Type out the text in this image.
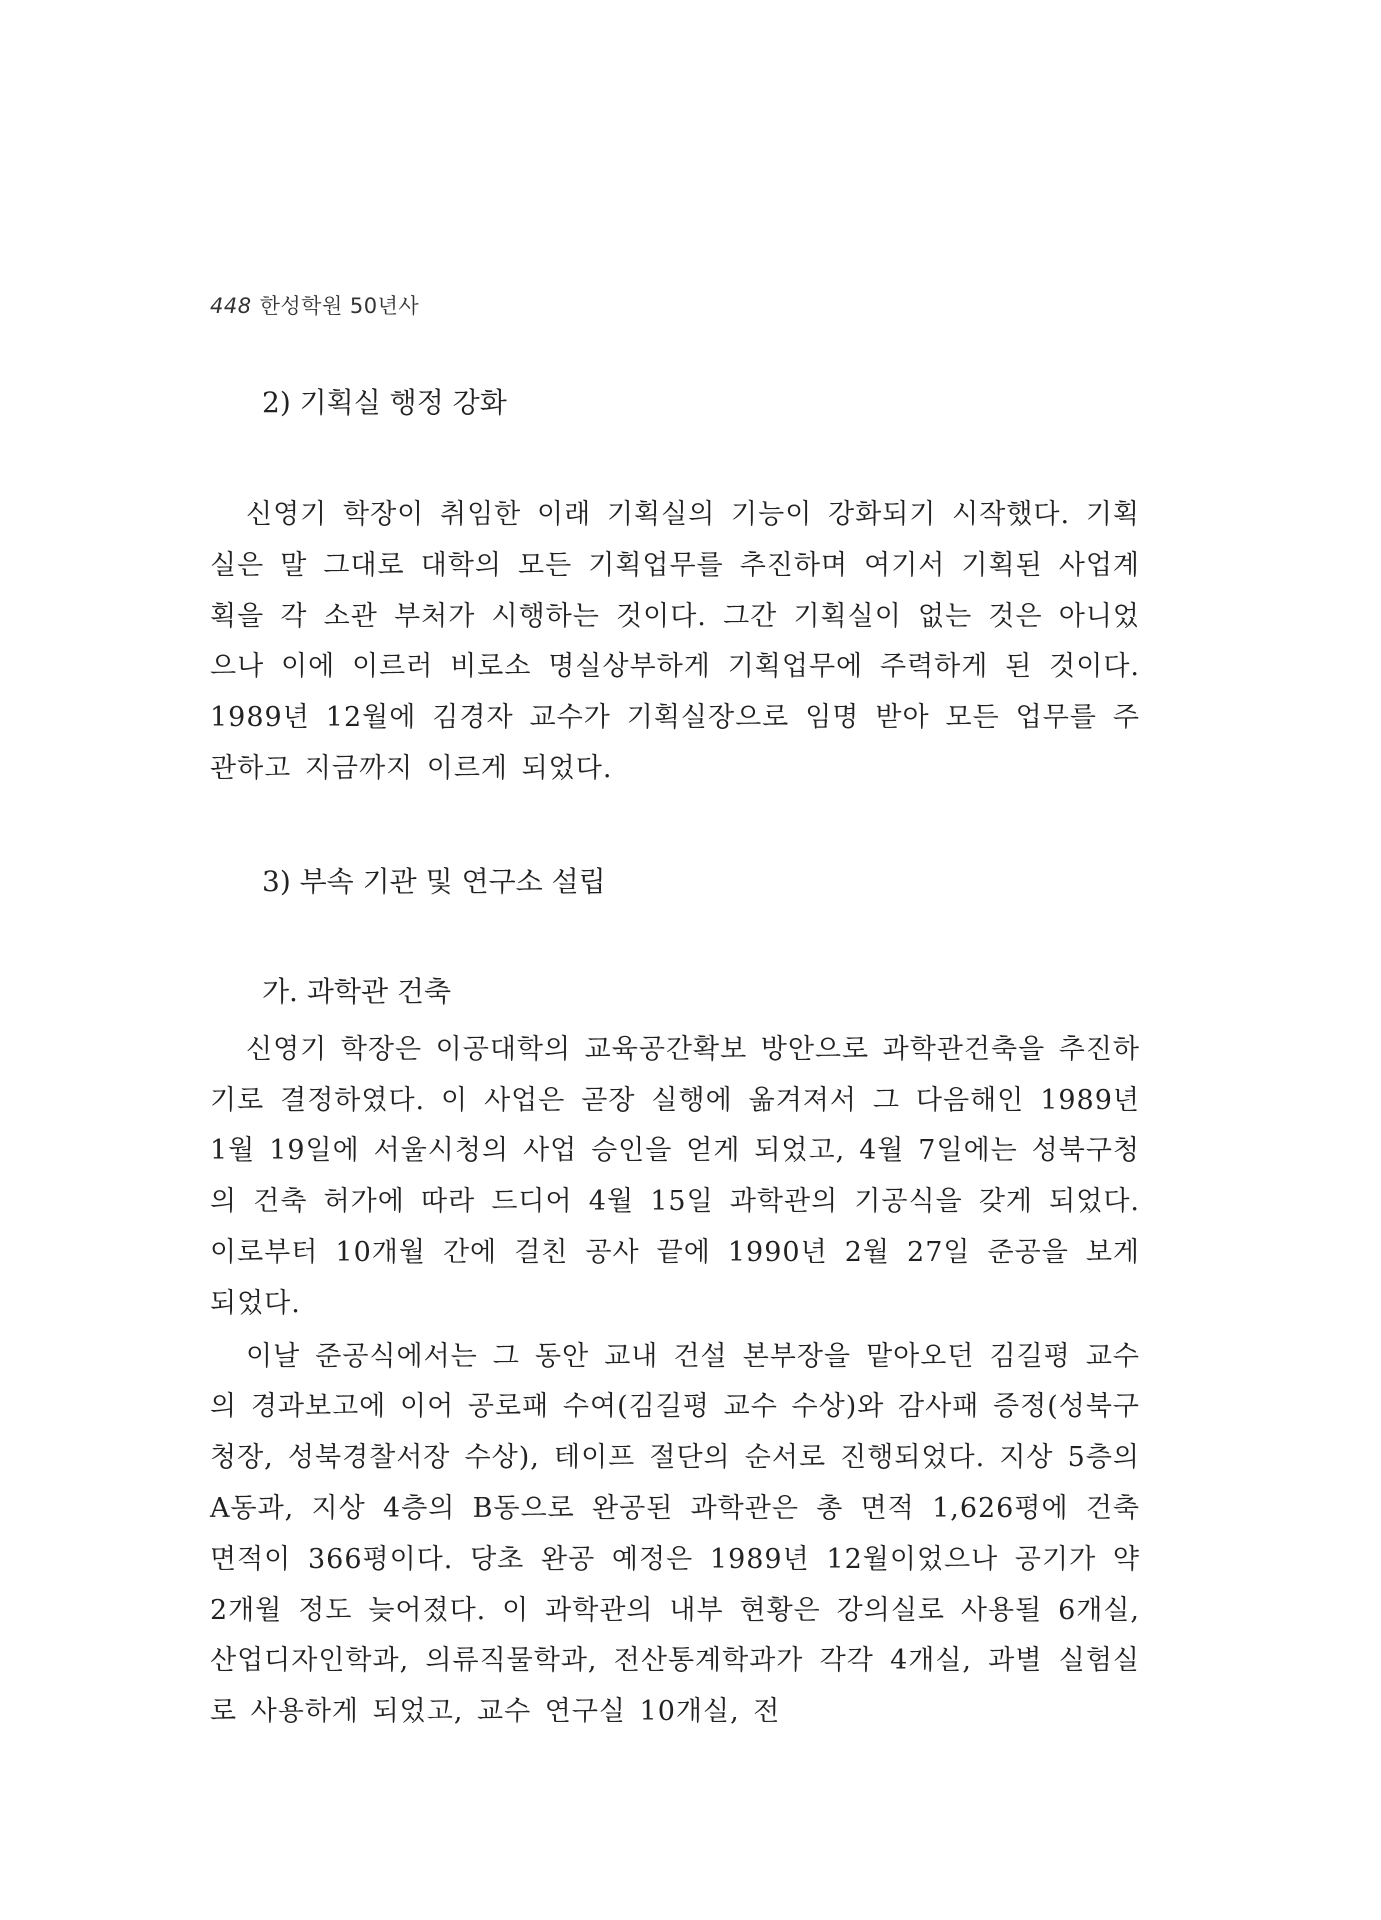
448 한성학원 50년사
2) 기획실 행정 강화

신영기 학장이 취임한 이래 기획실의 기능이 강화되기 시작했다. 기획실은 말 그대로 대학의 모든 기획업무를 추진하며 여기서 기획된 사업계획을 각 소관 부처가 시행하는 것이다. 그간 기획실이 없는 것은 아니었으나 이에 이르러 비로소 명실상부하게 기획업무에 주력하게 된 것이다. 1989년 12월에 김경자 교수가 기획실장으로 임명 받아 모든 업무를 주관하고 지금까지 이르게 되었다.

3) 부속 기관 및 연구소 설립
가. 과학관 건축

신영기 학장은 이공대학의 교육공간확보 방안으로 과학관건축을 추진하기로 결정하였다. 이 사업은 곧장 실행에 옮겨져서 그 다음해인 1989년 1월 19일에 서울시청의 사업 승인을 얻게 되었고, 4월 7일에는 성북구청의 건축 허가에 따라 드디어 4월 15일 과학관의 기공식을 갖게 되었다. 이로부터 10개월 간에 걸친 공사 끝에 1990년 2월 27일 준공을 보게 되었다.

이날 준공식에서는 그 동안 교내 건설 본부장을 맡아오던 김길평 교수의 경과보고에 이어 공로패 수여(김길평 교수 수상)와 감사패 증정(성북구청장, 성북경찰서장 수상), 테이프 절단의 순서로 진행되었다. 지상 5층의 A동과, 지상 4층의 B동으로 완공된 과학관은 총 면적 1,626평에 건축 면적이 366평이다. 당초 완공 예정은 1989년 12월이었으나 공기가 약 2개월 정도 늦어졌다. 이 과학관의 내부 현황은 강의실로 사용될 6개실, 산업디자인학과, 의류직물학과, 전산통계학과가 각각 4개실, 과별 실험실로 사용하게 되었고, 교수 연구실 10개실, 전
